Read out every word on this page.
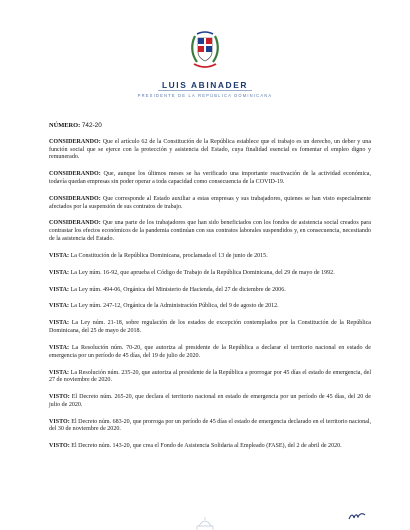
LUIS ABINADER
PRESIDENTE DE LA REPÚBLICA DOMINICANA
NÚMERO: 742-20

CONSIDERANDO: Que el artículo 62 de la Constitución de la República establece que el trabajo es un derecho, un deber y una función social que se ejerce con la protección y asistencia del Estado, cuya finalidad esencial es fomentar el empleo digno y remunerado.

CONSIDERANDO: Que, aunque los últimos meses se ha verificado una importante reactivación de la actividad económica, todavía quedan empresas sin poder operar a toda capacidad como consecuencia de la COVID-19.

CONSIDERANDO: Que corresponde al Estado auxiliar a estas empresas y sus trabajadores, quienes se han visto especialmente afectados por la suspensión de sus contratos de trabajo.

CONSIDERANDO: Que una parte de los trabajadores que han sido beneficiados con los fondos de asistencia social creados para contrastar los efectos económicos de la pandemia continúan con sus contratos laborales suspendidos y, en consecuencia, necesitando de la asistencia del Estado.

VISTA: La Constitución de la República Dominicana, proclamada el 13 de junio de 2015.

VISTA: La Ley núm. 16-92, que aprueba el Código de Trabajo de la República Dominicana, del 29 de mayo de 1992.

VISTA: La Ley núm. 494-06, Orgánica del Ministerio de Hacienda, del 27 de diciembre de 2006.

VISTA: La Ley núm. 247-12, Orgánica de la Administración Pública, del 9 de agosto de 2012.

VISTA: La Ley núm. 21-18, sobre regulación de los estados de excepción contemplados por la Constitución de la República Dominicana, del 25 de mayo de 2018.

VISTA: La Resolución núm. 70-20, que autoriza al presidente de la República a declarar el territorio nacional en estado de emergencia por un período de 45 días, del 19 de julio de 2020.

VISTA: La Resolución núm. 235-20, que autoriza al presidente de la República a prorrogar por 45 días el estado de emergencia, del 27 de noviembre de 2020.

VISTO: El Decreto núm. 265-20, que declara el territorio nacional en estado de emergencia por un período de 45 días, del 20 de julio de 2020.

VISTO: El Decreto núm. 683-20, que prorroga por un período de 45 días el estado de emergencia declarado en el territorio nacional, del 30 de noviembre de 2020.

VISTO: El Decreto núm. 143-20, que crea el Fondo de Asistencia Solidaria al Empleado (FASE), del 2 de abril de 2020.
